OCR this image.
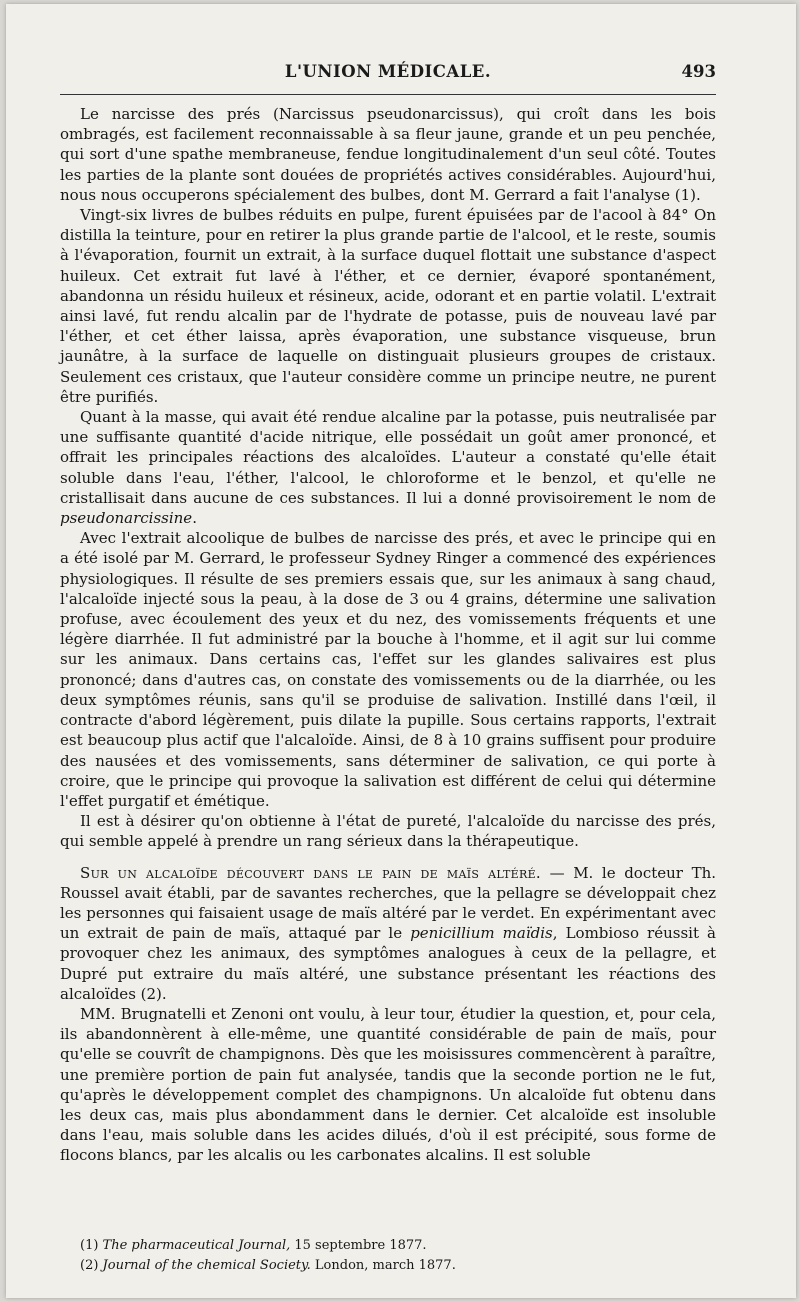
L'UNION MÉDICALE.	493

Le narcisse des prés (Narcissus pseudonarcissus), qui croît dans les bois ombragés, est facilement reconnaissable à sa fleur jaune, grande et un peu penchée, qui sort d'une spathe membraneuse, fendue longitudinalement d'un seul côté. Toutes les parties de la plante sont douées de propriétés actives considérables. Aujourd'hui, nous nous occuperons spécialement des bulbes, dont M. Gerrard a fait l'analyse (1).

Vingt-six livres de bulbes réduits en pulpe, furent épuisées par de l'acool à 84° On distilla la teinture, pour en retirer la plus grande partie de l'alcool, et le reste, soumis à l'évaporation, fournit un extrait, à la surface duquel flottait une substance d'aspect huileux. Cet extrait fut lavé à l'éther, et ce dernier, évaporé spontanément, abandonna un résidu huileux et résineux, acide, odorant et en partie volatil. L'extrait ainsi lavé, fut rendu alcalin par de l'hydrate de potasse, puis de nouveau lavé par l'éther, et cet éther laissa, après évaporation, une substance visqueuse, brun jaunâtre, à la surface de laquelle on distinguait plusieurs groupes de cristaux. Seulement ces cristaux, que l'auteur considère comme un principe neutre, ne purent être purifiés.

Quant à la masse, qui avait été rendue alcaline par la potasse, puis neutralisée par une suffisante quantité d'acide nitrique, elle possédait un goût amer prononcé, et offrait les principales réactions des alcaloïdes. L'auteur a constaté qu'elle était soluble dans l'eau, l'éther, l'alcool, le chloroforme et le benzol, et qu'elle ne cristallisait dans aucune de ces substances. Il lui a donné provisoirement le nom de pseudonarcissine.

Avec l'extrait alcoolique de bulbes de narcisse des prés, et avec le principe qui en a été isolé par M. Gerrard, le professeur Sydney Ringer a commencé des expériences physiologiques. Il résulte de ses premiers essais que, sur les animaux à sang chaud, l'alcaloïde injecté sous la peau, à la dose de 3 ou 4 grains, détermine une salivation profuse, avec écoulement des yeux et du nez, des vomissements fréquents et une légère diarrhée. Il fut administré par la bouche à l'homme, et il agit sur lui comme sur les animaux. Dans certains cas, l'effet sur les glandes salivaires est plus prononcé; dans d'autres cas, on constate des vomissements ou de la diarrhée, ou les deux symptômes réunis, sans qu'il se produise de salivation. Instillé dans l'œil, il contracte d'abord légèrement, puis dilate la pupille. Sous certains rapports, l'extrait est beaucoup plus actif que l'alcaloïde. Ainsi, de 8 à 10 grains suffisent pour produire des nausées et des vomissements, sans déterminer de salivation, ce qui porte à croire, que le principe qui provoque la salivation est différent de celui qui détermine l'effet purgatif et émétique.

Il est à désirer qu'on obtienne à l'état de pureté, l'alcaloïde du narcisse des prés, qui semble appelé à prendre un rang sérieux dans la thérapeutique.

Sur un alcaloïde découvert dans le pain de maïs altéré. — M. le docteur Th. Roussel avait établi, par de savantes recherches, que la pellagre se développait chez les personnes qui faisaient usage de maïs altéré par le verdet. En expérimentant avec un extrait de pain de maïs, attaqué par le penicillium maïdis, Lombioso réussit à provoquer chez les animaux, des symptômes analogues à ceux de la pellagre, et Dupré put extraire du maïs altéré, une substance présentant les réactions des alcaloïdes (2).

MM. Brugnatelli et Zenoni ont voulu, à leur tour, étudier la question, et, pour cela, ils abandonnèrent à elle-même, une quantité considérable de pain de maïs, pour qu'elle se couvrît de champignons. Dès que les moisissures commencèrent à paraître, une première portion de pain fut analysée, tandis que la seconde portion ne le fut, qu'après le développement complet des champignons. Un alcaloïde fut obtenu dans les deux cas, mais plus abondamment dans le dernier. Cet alcaloïde est insoluble dans l'eau, mais soluble dans les acides dilués, d'où il est précipité, sous forme de flocons blancs, par les alcalis ou les carbonates alcalins. Il est soluble

(1) The pharmaceutical Journal, 15 septembre 1877.
(2) Journal of the chemical Society. London, march 1877.
